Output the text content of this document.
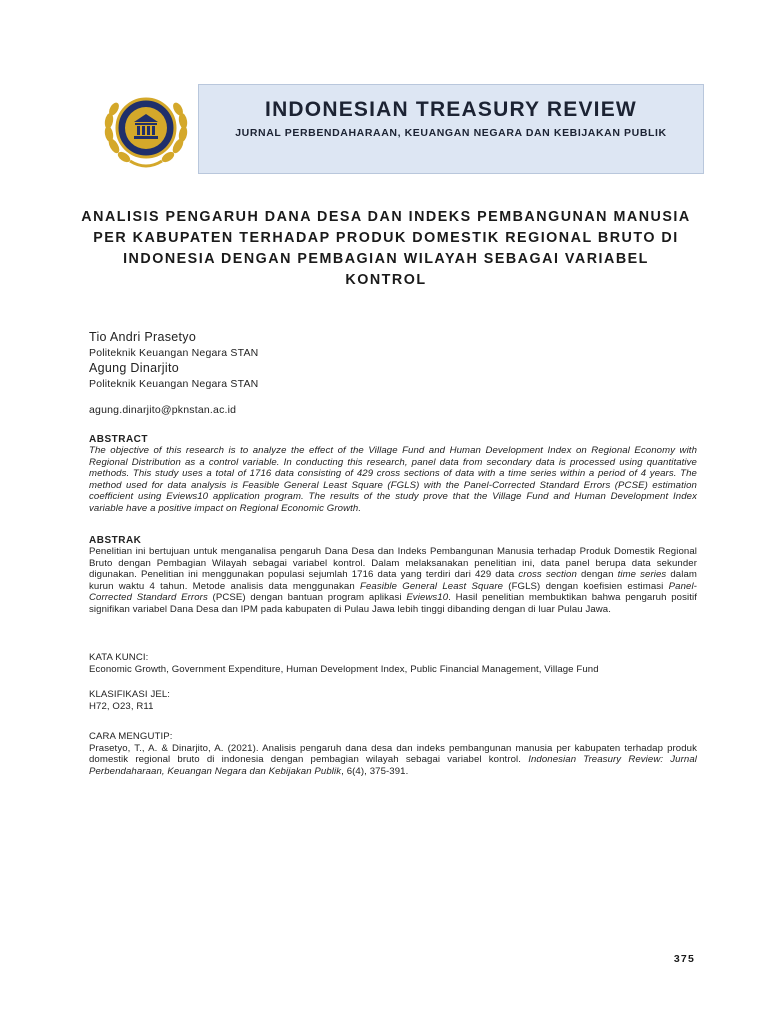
INDONESIAN TREASURY REVIEW
JURNAL PERBENDAHARAAN, KEUANGAN NEGARA DAN KEBIJAKAN PUBLIK
ANALISIS PENGARUH DANA DESA DAN INDEKS PEMBANGUNAN MANUSIA PER KABUPATEN TERHADAP PRODUK DOMESTIK REGIONAL BRUTO DI INDONESIA DENGAN PEMBAGIAN WILAYAH SEBAGAI VARIABEL KONTROL
Tio Andri Prasetyo
Politeknik Keuangan Negara STAN
Agung Dinarjito
Politeknik Keuangan Negara STAN
agung.dinarjito@pknstan.ac.id
ABSTRACT
The objective of this research is to analyze the effect of the Village Fund and Human Development Index on Regional Economy with Regional Distribution as a control variable. In conducting this research, panel data from secondary data is processed using quantitative methods. This study uses a total of 1716 data consisting of 429 cross sections of data with a time series within a period of 4 years. The method used for data analysis is Feasible General Least Square (FGLS) with the Panel-Corrected Standard Errors (PCSE) estimation coefficient using Eviews10 application program. The results of the study prove that the Village Fund and Human Development Index variable have a positive impact on Regional Economic Growth.
ABSTRAK
Penelitian ini bertujuan untuk menganalisa pengaruh Dana Desa dan Indeks Pembangunan Manusia terhadap Produk Domestik Regional Bruto dengan Pembagian Wilayah sebagai variabel kontrol. Dalam melaksanakan penelitian ini, data panel berupa data sekunder digunakan. Penelitian ini menggunakan populasi sejumlah 1716 data yang terdiri dari 429 data cross section dengan time series dalam kurun waktu 4 tahun. Metode analisis data menggunakan Feasible General Least Square (FGLS) dengan koefisien estimasi Panel-Corrected Standard Errors (PCSE) dengan bantuan program aplikasi Eviews10. Hasil penelitian membuktikan bahwa pengaruh positif signifikan variabel Dana Desa dan IPM pada kabupaten di Pulau Jawa lebih tinggi dibanding dengan di luar Pulau Jawa.
KATA KUNCI:
Economic Growth, Government Expenditure, Human Development Index, Public Financial Management, Village Fund
KLASIFIKASI JEL:
H72, O23, R11
CARA MENGUTIP:
Prasetyo, T., A. & Dinarjito, A. (2021). Analisis pengaruh dana desa dan indeks pembangunan manusia per kabupaten terhadap produk domestik regional bruto di indonesia dengan pembagian wilayah sebagai variabel kontrol. Indonesian Treasury Review: Jurnal Perbendaharaan, Keuangan Negara dan Kebijakan Publik, 6(4), 375-391.
375
